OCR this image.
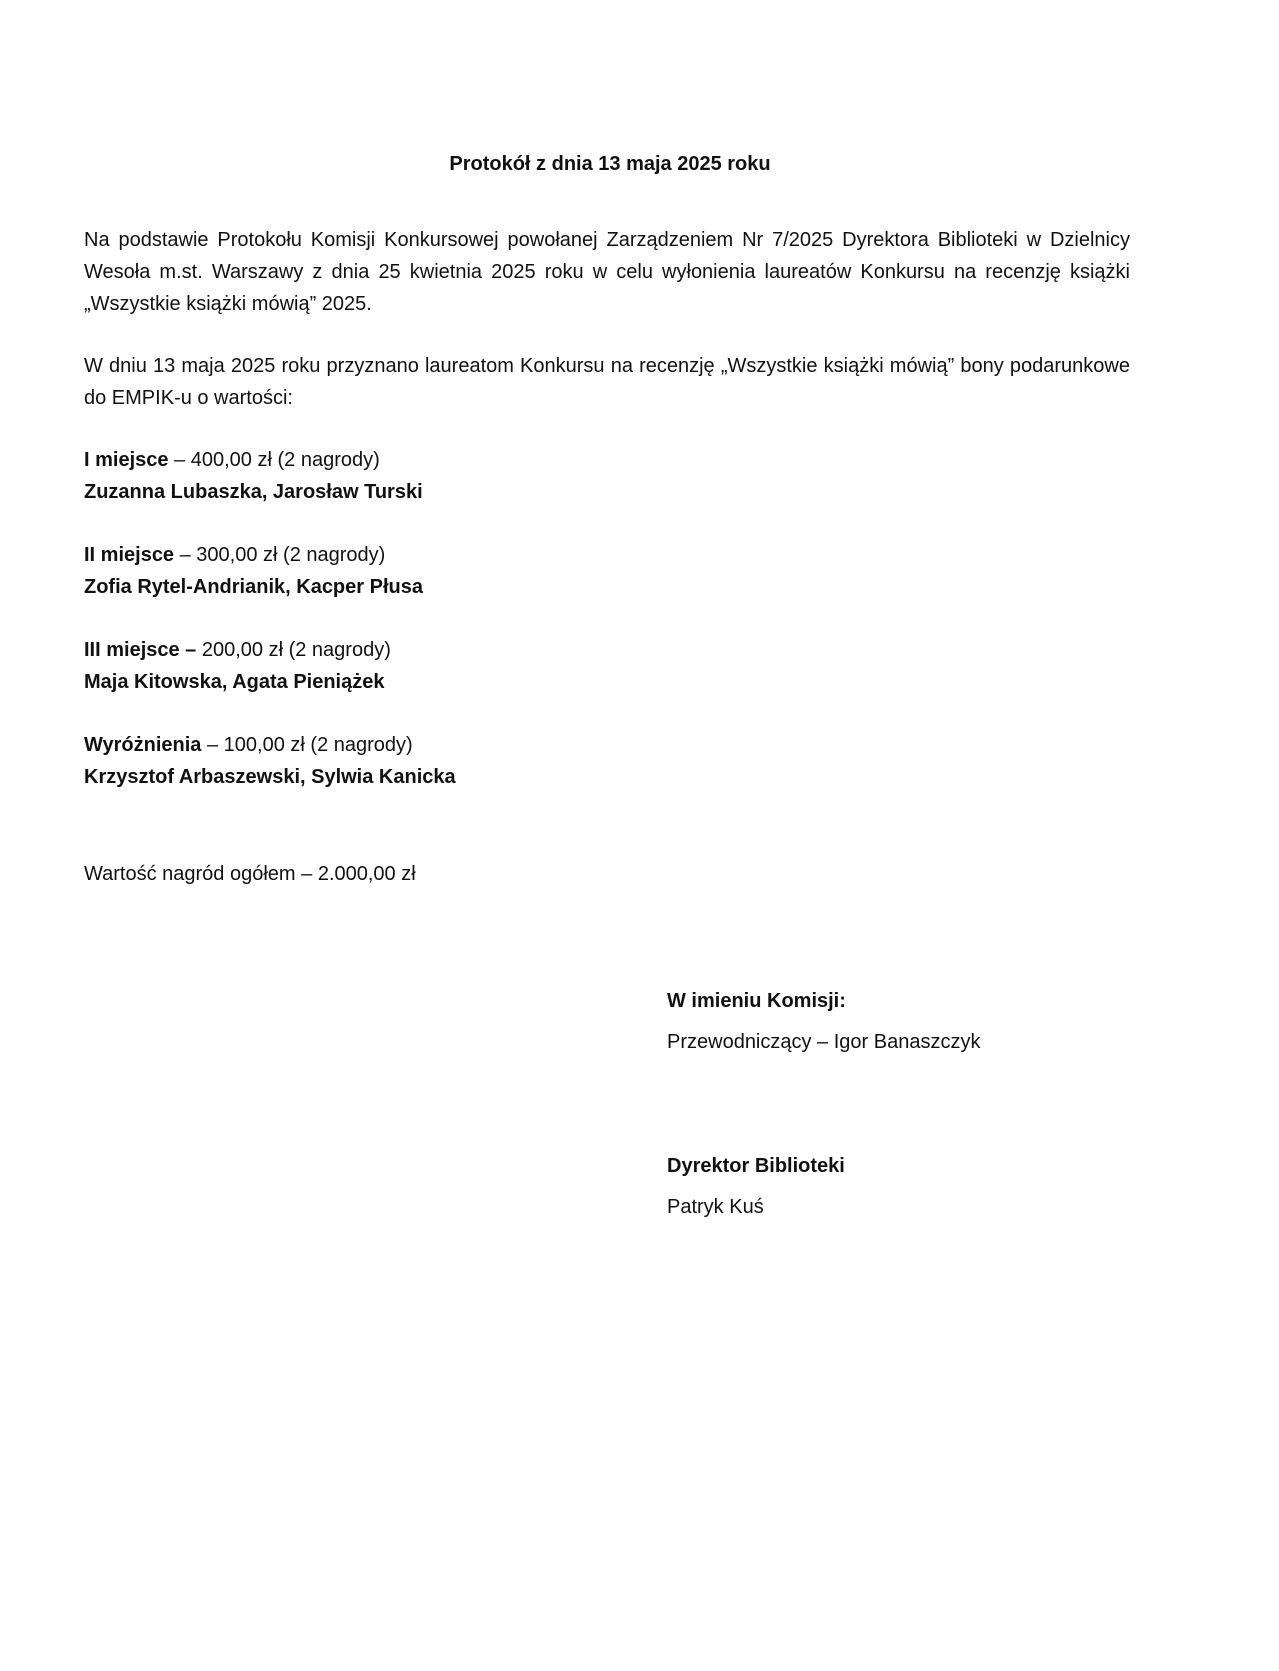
Protokół z dnia 13 maja 2025 roku

Na podstawie Protokołu Komisji Konkursowej powołanej Zarządzeniem Nr 7/2025 Dyrektora Biblioteki w Dzielnicy Wesoła m.st. Warszawy z dnia 25 kwietnia 2025 roku w celu wyłonienia laureatów Konkursu na recenzję książki „Wszystkie książki mówią” 2025.

W dniu 13 maja 2025 roku przyznano laureatom Konkursu na recenzję „Wszystkie książki mówią” bony podarunkowe do EMPIK-u o wartości:

I miejsce – 400,00 zł (2 nagrody)
Zuzanna Lubaszka, Jarosław Turski
II miejsce – 300,00 zł (2 nagrody)
Zofia Rytel-Andrianik, Kacper Płusa
III miejsce – 200,00 zł (2 nagrody)
Maja Kitowska, Agata Pieniążek
Wyróżnienia – 100,00 zł (2 nagrody)
Krzysztof Arbaszewski, Sylwia Kanicka
Wartość nagród ogółem – 2.000,00 zł
W imieniu Komisji:
Przewodniczący – Igor Banaszczyk
Dyrektor Biblioteki
Patryk Kuś
